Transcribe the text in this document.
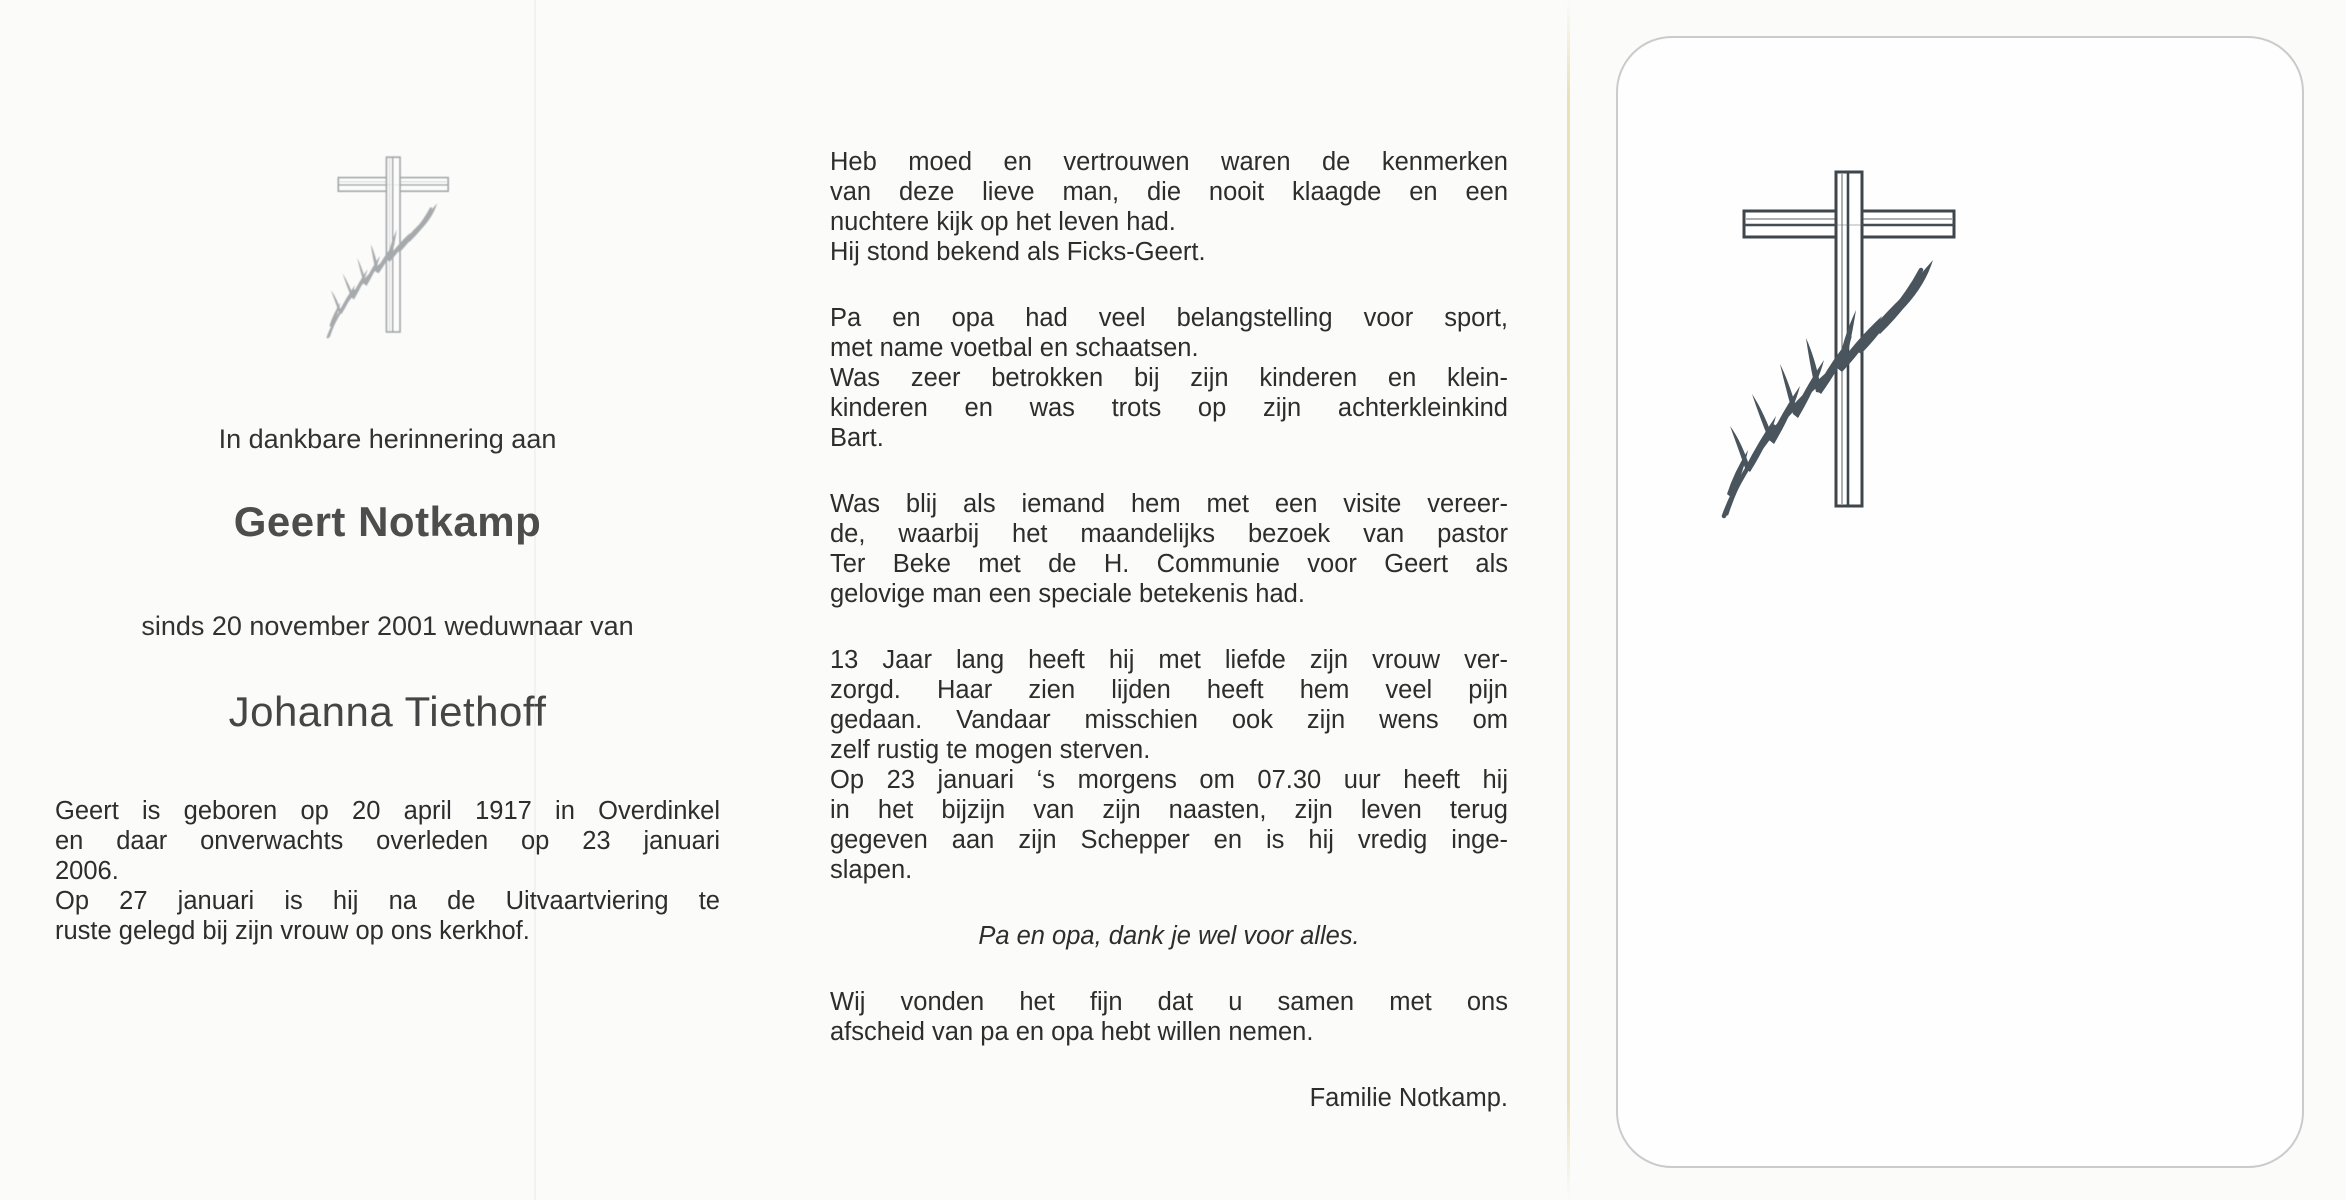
In dankbare herinnering aan
Geert Notkamp
sinds 20 november 2001 weduwnaar van
Johanna Tiethoff
Geert is geboren op 20 april 1917 in Overdinkel
en daar onverwachts overleden op 23 januari
2006.
Op 27 januari is hij na de Uitvaartviering te
ruste gelegd bij zijn vrouw op ons kerkhof.
Heb moed en vertrouwen waren de kenmerken
van deze lieve man, die nooit klaagde en een
nuchtere kijk op het leven had.
Hij stond bekend als Ficks-Geert.
Pa en opa had veel belangstelling voor sport,
met name voetbal en schaatsen.
Was zeer betrokken bij zijn kinderen en klein-
kinderen en was trots op zijn achterkleinkind
Bart.
Was blij als iemand hem met een visite vereer-
de, waarbij het maandelijks bezoek van pastor
Ter Beke met de H. Communie voor Geert als
gelovige man een speciale betekenis had.
13 Jaar lang heeft hij met liefde zijn vrouw ver-
zorgd. Haar zien lijden heeft hem veel pijn
gedaan. Vandaar misschien ook zijn wens om
zelf rustig te mogen sterven.
Op 23 januari ‘s morgens om 07.30 uur heeft hij
in het bijzijn van zijn naasten, zijn leven terug
gegeven aan zijn Schepper en is hij vredig inge-
slapen.
Pa en opa, dank je wel voor alles.
Wij vonden het fijn dat u samen met ons
afscheid van pa en opa hebt willen nemen.
Familie Notkamp.
